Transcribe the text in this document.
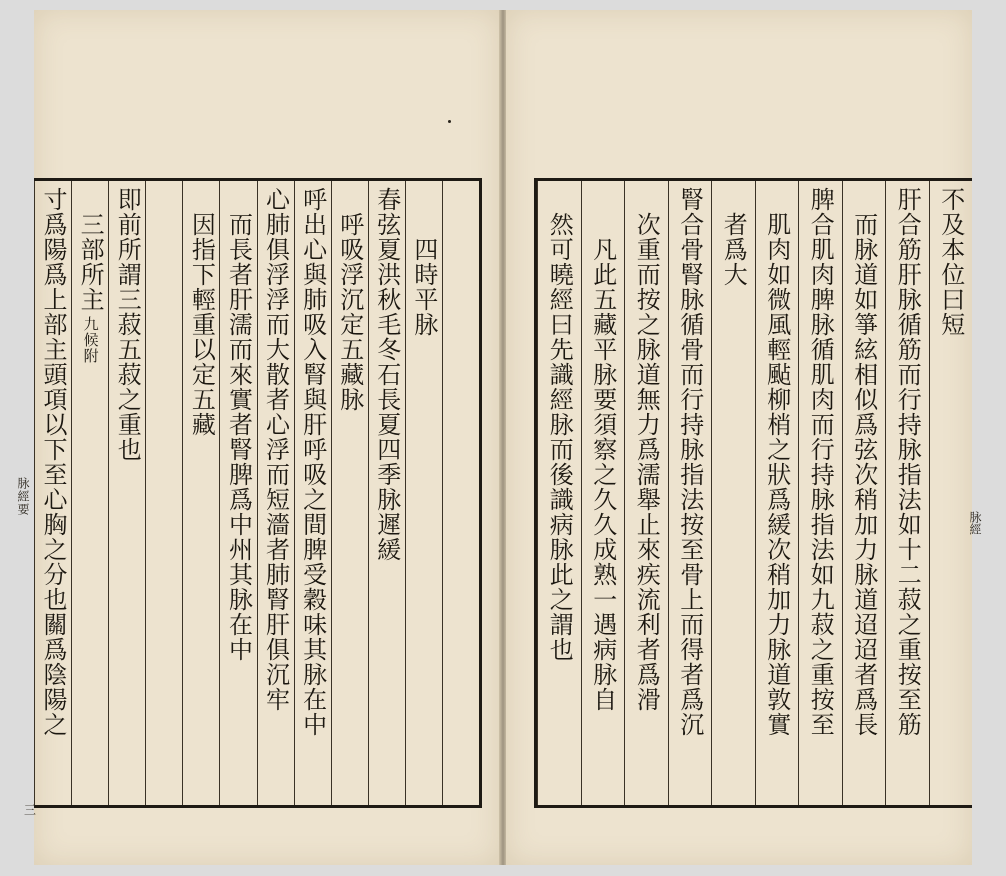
四時平脉
春弦夏洪秋毛冬石長夏四季脉遲緩
呼吸浮沉定五藏脉
呼出心與肺吸入腎與肝呼吸之間脾受穀味其脉在中
心肺俱浮浮而大散者心浮而短濇者肺腎肝俱沉牢
而長者肝濡而來實者腎脾爲中州其脉在中
因指下輕重以定五藏
即前所謂三菽五菽之重也
三部所主
九候附
寸爲陽爲上部主頭項以下至心胸之分也關爲陰陽之
脉經要
三
不及本位曰短
肝合筋肝脉循筋而行持脉指法如十二菽之重按至筋
而脉道如箏絃相似爲弦次稍加力脉道迢迢者爲長
脾合肌肉脾脉循肌肉而行持脉指法如九菽之重按至
肌肉如微風輕颭柳梢之狀爲緩次稍加力脉道敦實
者爲大
腎合骨腎脉循骨而行持脉指法按至骨上而得者爲沉
次重而按之脉道無力爲濡舉止來疾流利者爲滑
凡此五藏平脉要須察之久久成熟一遇病脉自
然可曉經曰先識經脉而後識病脉此之謂也	脉經
